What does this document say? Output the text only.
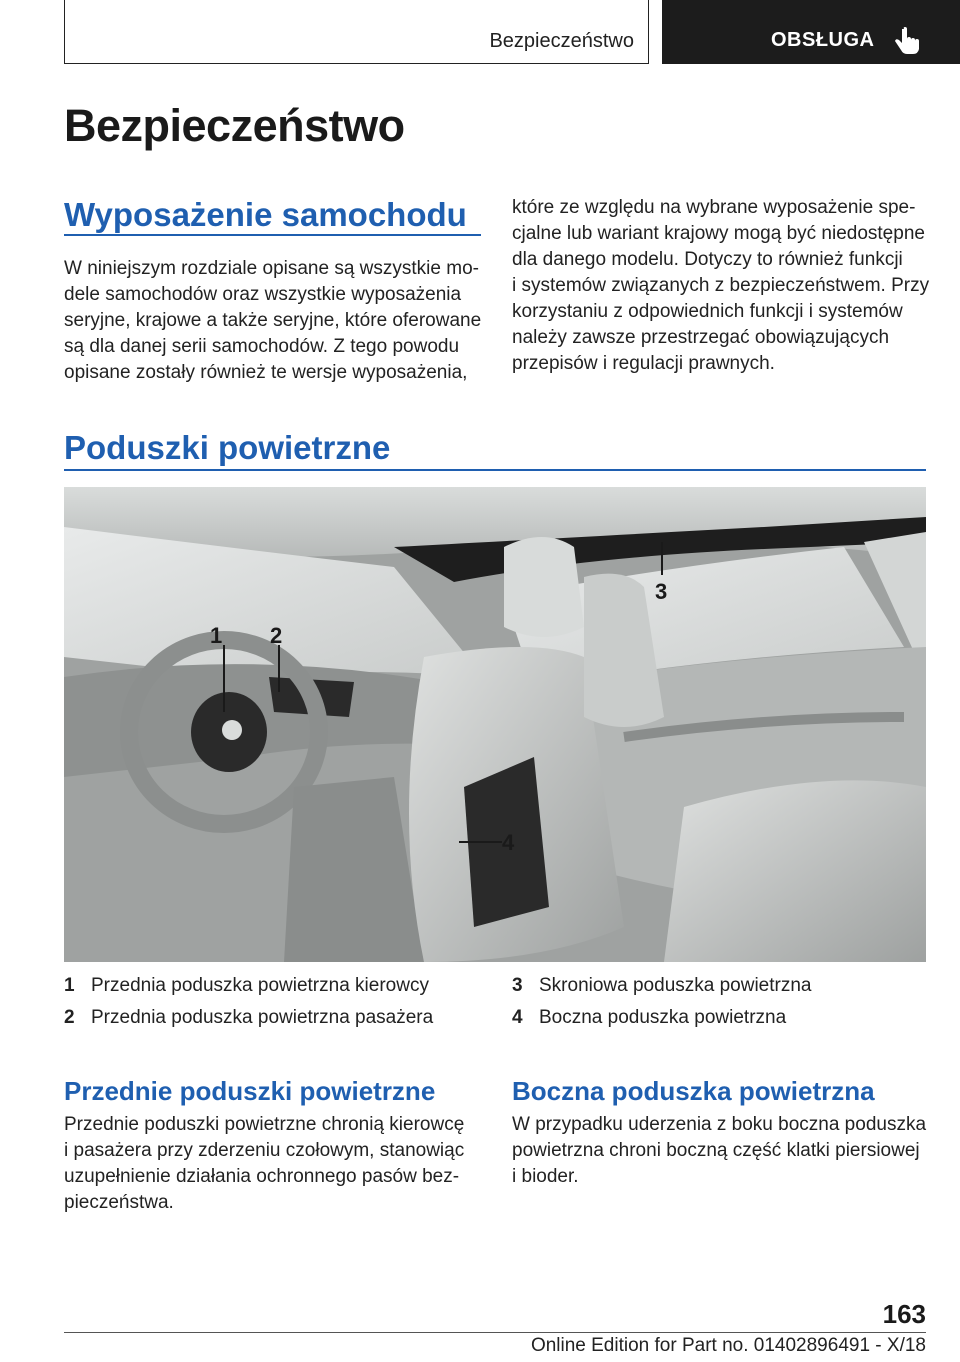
Bezpieczeństwo	OBSŁUGA
Bezpieczeństwo
Wyposażenie samochodu

W niniejszym rozdziale opisane są wszystkie mo-
dele samochodów oraz wszystkie wyposażenia
seryjne, krajowe a także seryjne, które oferowane
są dla danej serii samochodów. Z tego powodu
opisane zostały również te wersje wyposażenia,

które ze względu na wybrane wyposażenie spe-
cjalne lub wariant krajowy mogą być niedostępne
dla danego modelu. Dotyczy to również funkcji
i systemów związanych z bezpieczeństwem. Przy
korzystaniu z odpowiednich funkcji i systemów
należy zawsze przestrzegać obowiązujących
przepisów i regulacji prawnych.

Poduszki powietrzne
1 2
3
4
1 Przednia poduszka powietrzna kierowcy
2 Przednia poduszka powietrzna pasażera
3 Skroniowa poduszka powietrzna
4 Boczna poduszka powietrzna
Przednie poduszki powietrzne

Przednie poduszki powietrzne chronią kierowcę
i pasażera przy zderzeniu czołowym, stanowiąc
uzupełnienie działania ochronnego pasów bez-
pieczeństwa.

Boczna poduszka powietrzna

W przypadku uderzenia z boku boczna poduszka
powietrzna chroni boczną część klatki piersiowej
i bioder.

163
Online Edition for Part no. 01402896491 - X/18
